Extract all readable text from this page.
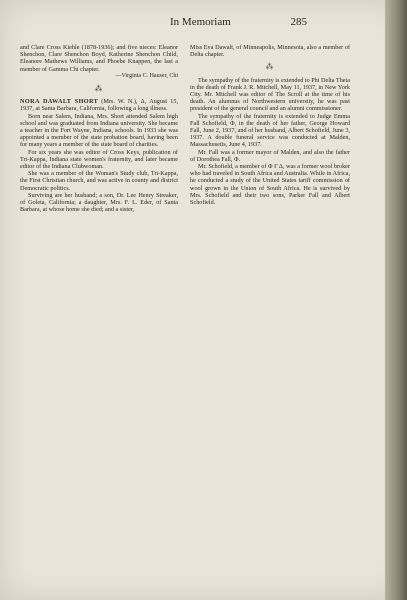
In Memoriam	285

and Clare Cross Kiehle (1878-1936); and five nieces: Eleanor Shenchon, Clare Shenchon Boyd, Katherine Shenchon Child, Eleanore Mathews Williams, and Phoebe Knappen, the last a member of Gamma Chi chapter.

—Virginia C. Hauser, Chi

⁂

NORA DAWALT SHORT (Mrs. W. N.), Δ, August 15, 1937, at Santa Barbara, California, following a long illness.

Born near Salem, Indiana, Mrs. Short attended Salem high school and was graduated from Indiana university. She became a teacher in the Fort Wayne, Indiana, schools. In 1933 she was appointed a member of the state probation board, having been for many years a member of the state board of charities.

For six years she was editor of Cross Keys, publication of Tri-Kappa, Indiana state women's fraternity, and later became editor of the Indiana Clubwoman.

She was a member of the Woman's Study club, Tri-Kappa, the First Christian church, and was active in county and district Democratic politics.

Surviving are her husband; a son, Dr. Lee Henry Streaker, of Goleta, California; a daughter, Mrs. F. L. Eder, of Santa Barbara, at whose home she died; and a sister,

Miss Eva Dawalt, of Minneapolis, Minnesota, also a member of Delta chapter.

⁂

The sympathy of the fraternity is extended to Phi Delta Theta in the death of Frank J. R. Mitchell, May 11, 1937, in New York City. Mr. Mitchell was editor of The Scroll at the time of his death. An alumnus of Northwestern university, he was past president of the general council and an alumni commissioner.

The sympathy of the fraternity is extended to Judge Emma Fall Schofield, Φ, in the death of her father, George Howard Fall, June 2, 1937, and of her husband, Albert Schofield, June 3, 1937. A double funeral service was conducted at Malden, Massachusetts, June 4, 1937.

Mr. Fall was a former mayor of Malden, and also the father of Dorothea Fall, Φ.

Mr. Schofield, a member of Φ Γ Δ, was a former wool broker who had traveled in South Africa and Australia. While in Africa, he conducted a study of the United States tariff commission of wool grown in the Union of South Africa. He is survived by Mrs. Schofield and their two sons, Parker Fall and Albert Schofield.
